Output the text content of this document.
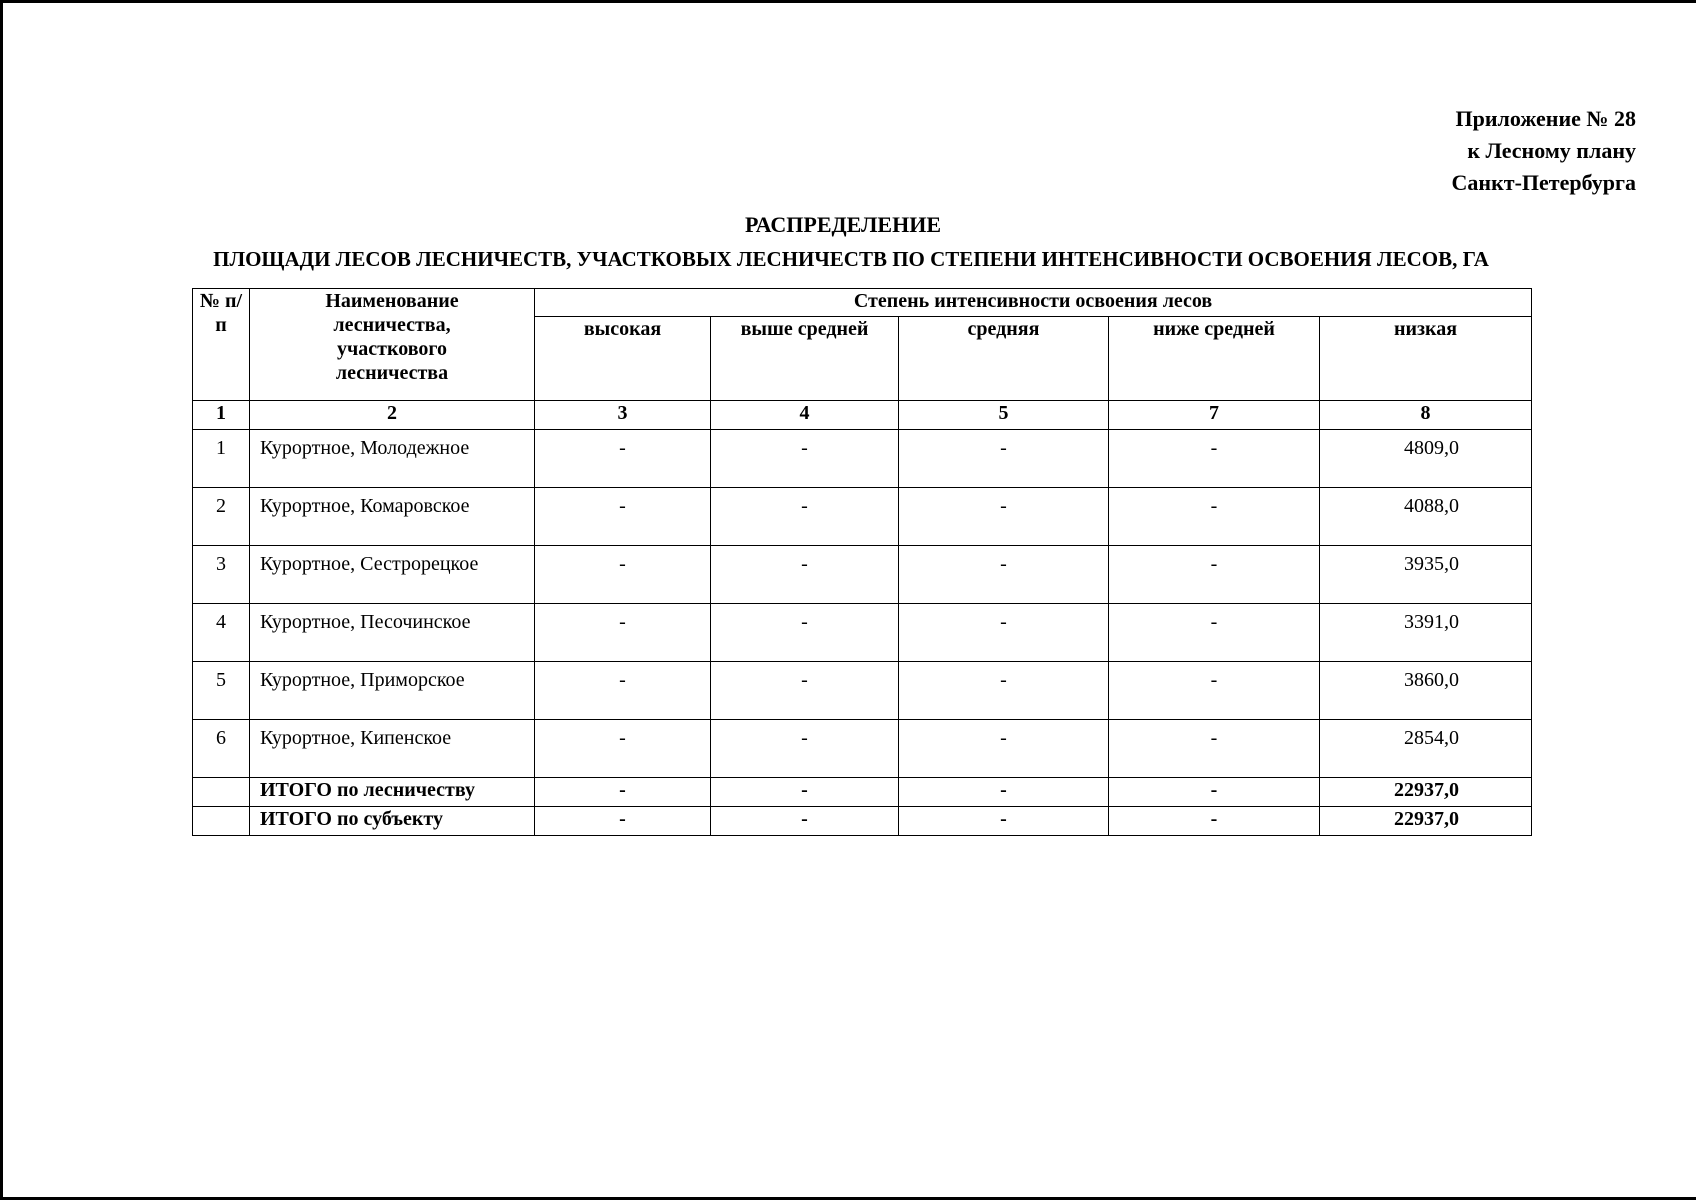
Приложение № 28
к Лесному плану
Санкт-Петербурга
РАСПРЕДЕЛЕНИЕ
ПЛОЩАДИ ЛЕСОВ ЛЕСНИЧЕСТВ, УЧАСТКОВЫХ ЛЕСНИЧЕСТВ ПО СТЕПЕНИ ИНТЕНСИВНОСТИ ОСВОЕНИЯ ЛЕСОВ, ГА
№ п/п	Наименование лесничества, участкового лесничества	Степень интенсивности освоения лесов				
		высокая	выше средней	средняя	ниже средней	низкая
1	2	3	4	5	7	8
1	Курортное, Молодежное	-	-	-	-	4809,0
2	Курортное, Комаровское	-	-	-	-	4088,0
3	Курортное, Сестрорецкое	-	-	-	-	3935,0
4	Курортное, Песочинское	-	-	-	-	3391,0
5	Курортное, Приморское	-	-	-	-	3860,0
6	Курортное, Кипенское	-	-	-	-	2854,0
	ИТОГО по лесничеству	-	-	-	-	22937,0
	ИТОГО по субъекту	-	-	-	-	22937,0
